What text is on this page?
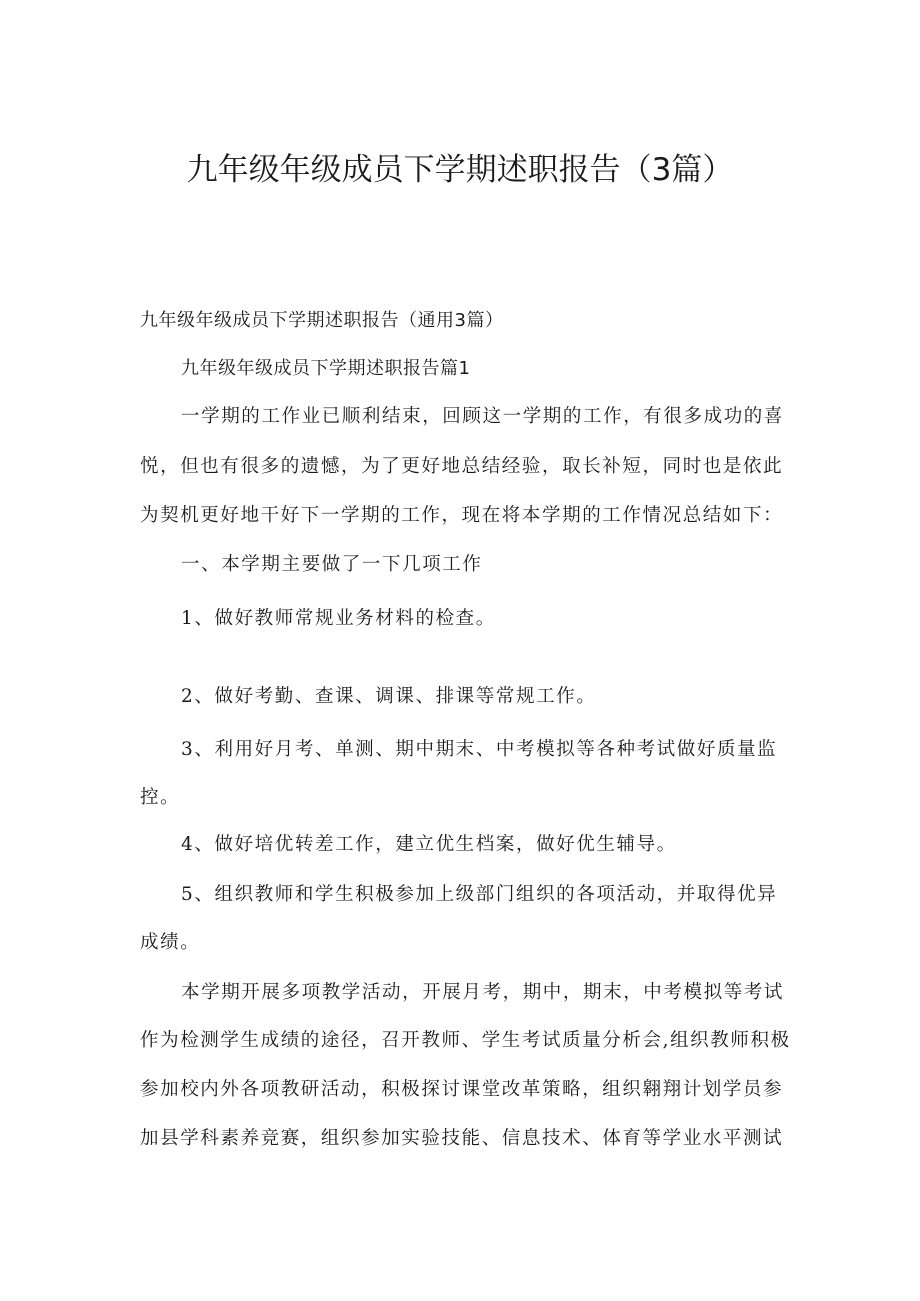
九年级年级成员下学期述职报告（3篇）

九年级年级成员下学期述职报告（通用3篇）

九年级年级成员下学期述职报告篇1

一学期的工作业已顺利结束，回顾这一学期的工作，有很多成功的喜

悦，但也有很多的遗憾，为了更好地总结经验，取长补短，同时也是依此

为契机更好地干好下一学期的工作，现在将本学期的工作情况总结如下：

一、本学期主要做了一下几项工作

1、做好教师常规业务材料的检查。

2、做好考勤、查课、调课、排课等常规工作。

3、利用好月考、单测、期中期末、中考模拟等各种考试做好质量监

控。

4、做好培优转差工作，建立优生档案，做好优生辅导。

5、组织教师和学生积极参加上级部门组织的各项活动，并取得优异

成绩。

本学期开展多项教学活动，开展月考，期中，期末，中考模拟等考试

作为检测学生成绩的途径，召开教师、学生考试质量分析会,组织教师积极

参加校内外各项教研活动，积极探讨课堂改革策略，组织翱翔计划学员参

加县学科素养竞赛，组织参加实验技能、信息技术、体育等学业水平测试
